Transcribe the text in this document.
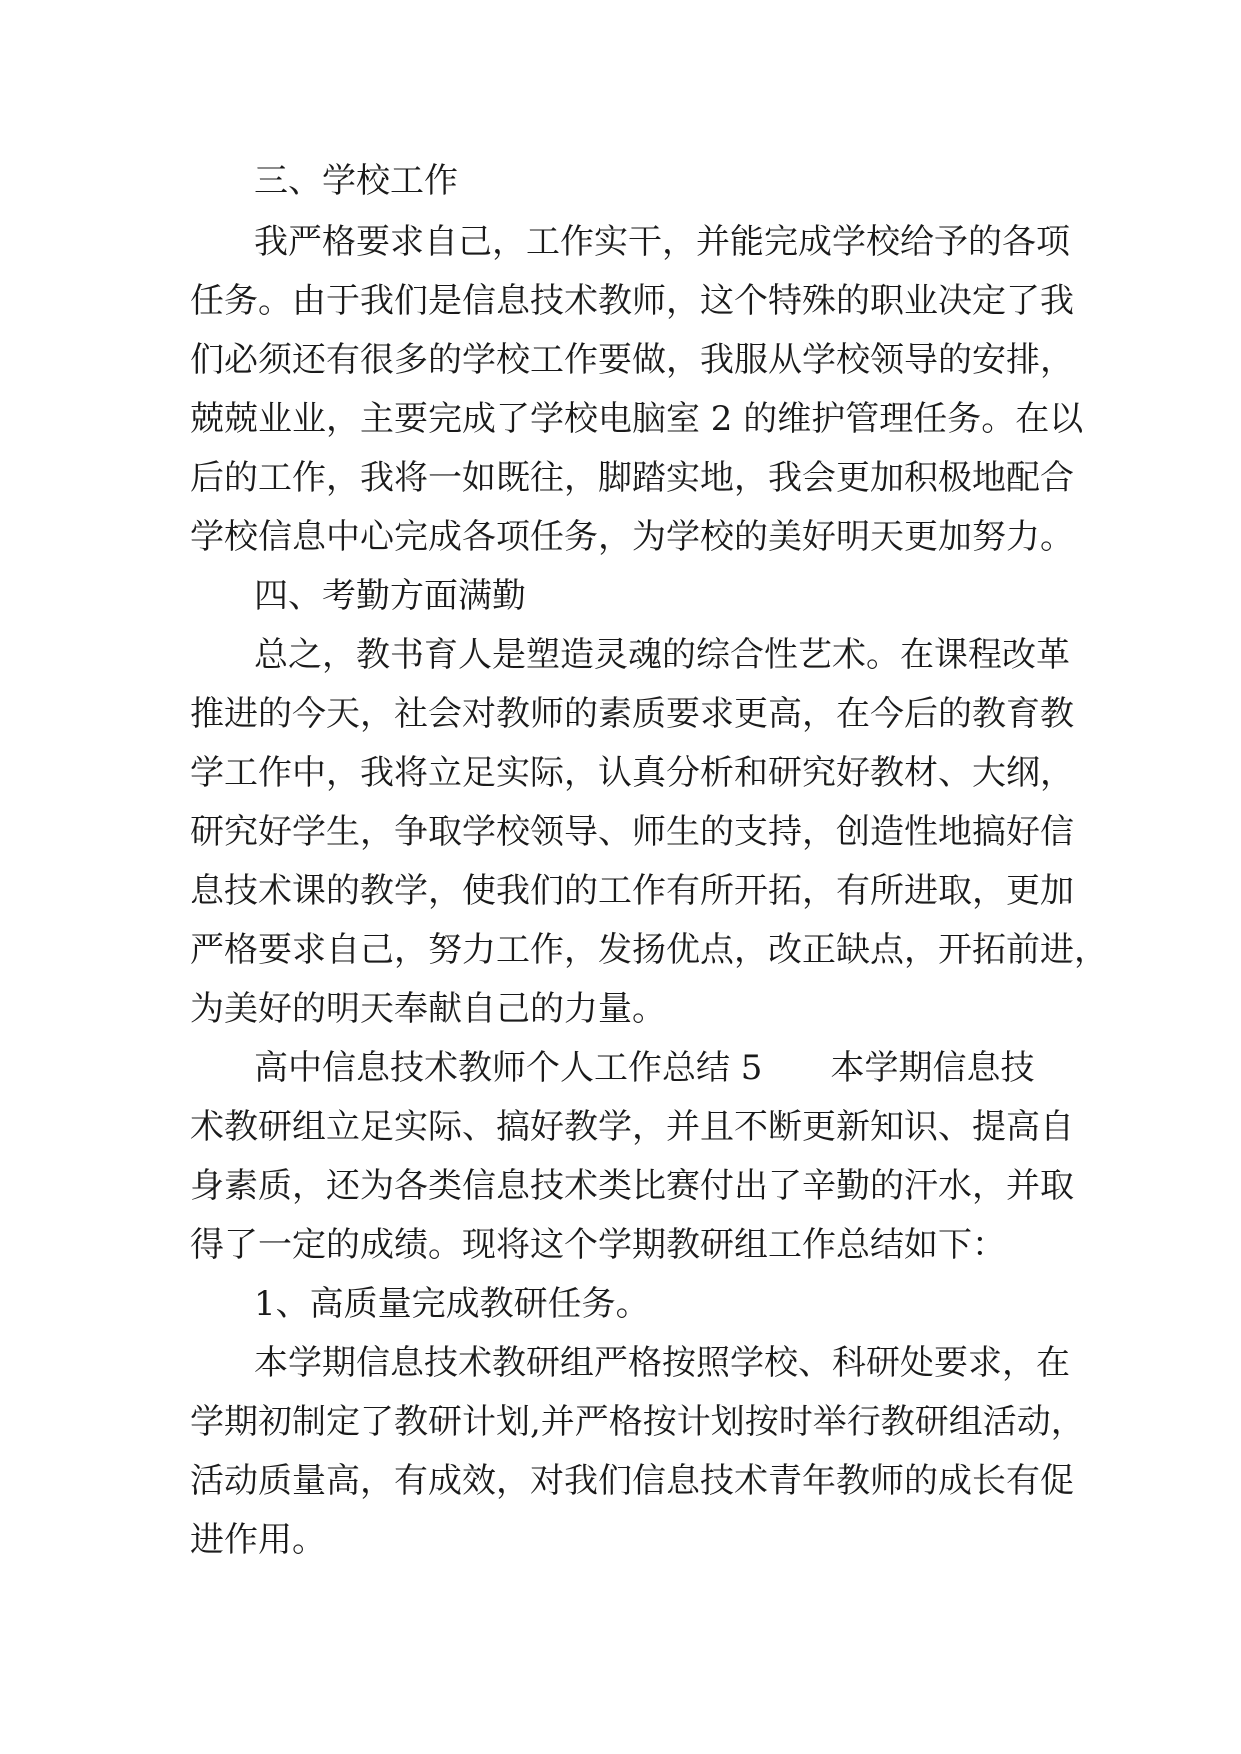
三、学校工作
我严格要求自己，工作实干，并能完成学校给予的各项
任务。由于我们是信息技术教师，这个特殊的职业决定了我
们必须还有很多的学校工作要做，我服从学校领导的安排，
兢兢业业，主要完成了学校电脑室 2 的维护管理任务。在以
后的工作，我将一如既往，脚踏实地，我会更加积极地配合
学校信息中心完成各项任务，为学校的美好明天更加努力。
四、考勤方面满勤
总之，教书育人是塑造灵魂的综合性艺术。在课程改革
推进的今天，社会对教师的素质要求更高，在今后的教育教
学工作中，我将立足实际，认真分析和研究好教材、大纲，
研究好学生，争取学校领导、师生的支持，创造性地搞好信
息技术课的教学，使我们的工作有所开拓，有所进取，更加
严格要求自己，努力工作，发扬优点，改正缺点，开拓前进，
为美好的明天奉献自己的力量。
高中信息技术教师个人工作总结 5　　本学期信息技
术教研组立足实际、搞好教学，并且不断更新知识、提高自
身素质，还为各类信息技术类比赛付出了辛勤的汗水，并取
得了一定的成绩。现将这个学期教研组工作总结如下：
1、高质量完成教研任务。
本学期信息技术教研组严格按照学校、科研处要求，在
学期初制定了教研计划,并严格按计划按时举行教研组活动，
活动质量高，有成效，对我们信息技术青年教师的成长有促
进作用。
